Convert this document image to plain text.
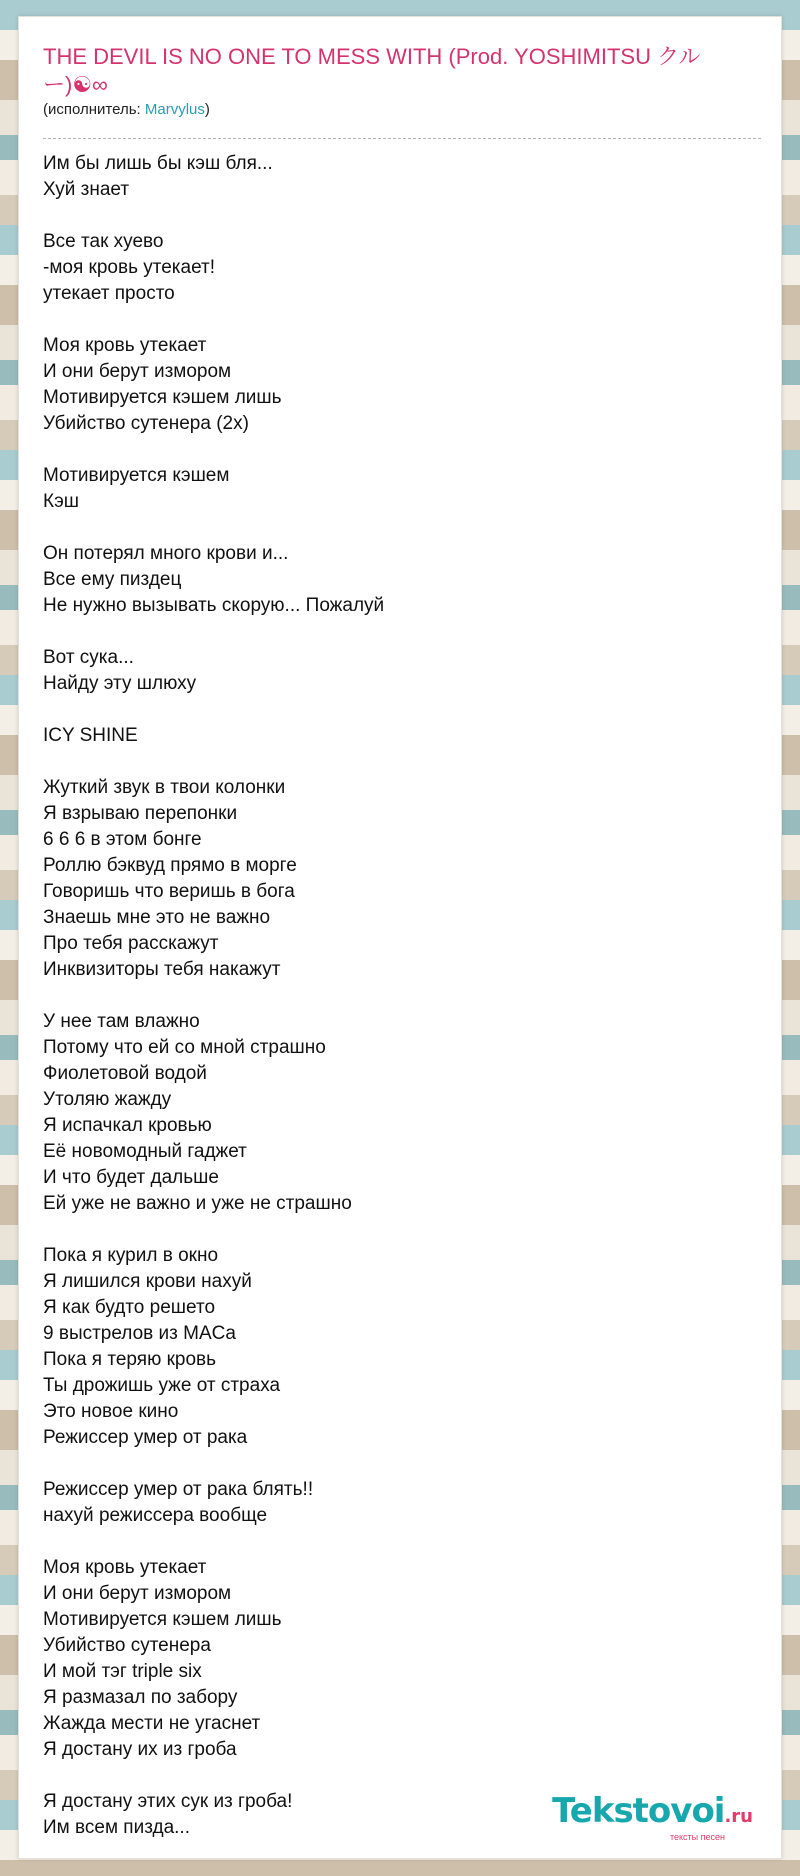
THE DEVIL IS NO ONE TO MESS WITH (Prod. YOSHIMITSU クルー)☯∞
(исполнитель: Marvylus)
Им бы лишь бы кэш бля...
Хуй знает
Все так хуево
-моя кровь утекает!
утекает просто
Моя кровь утекает
И они берут измором
Мотивируется кэшем лишь
Убийство сутенера (2x)
Мотивируется кэшем
Кэш
Он потерял много крови и...
Все ему пиздец
Не нужно вызывать скорую... Пожалуй
Вот сука...
Найду эту шлюху
ICY SHINE
Жуткий звук в твои колонки
Я взрываю перепонки
6 6 6 в этом бонге
Роллю бэквуд прямо в морге
Говоришь что веришь в бога
Знаешь мне это не важно
Про тебя расскажут
Инквизиторы тебя накажут
У нее там влажно
Потому что ей со мной страшно
Фиолетовой водой
Утоляю жажду
Я испачкал кровью
Её новомодный гаджет
И что будет дальше
Ей уже не важно и уже не страшно
Пока я курил в окно
Я лишился крови нахуй
Я как будто решето
9 выстрелов из MACа
Пока я теряю кровь
Ты дрожишь уже от страха
Это новое кино
Режиссер умер от рака
Режиссер умер от рака блять!!
нахуй режиссера вообще
Моя кровь утекает
И они берут измором
Мотивируется кэшем лишь
Убийство сутенера
И мой тэг triple six
Я размазал по забору
Жажда мести не угаснет
Я достану их из гроба
Я достану этих сук из гроба!
Им всем пизда...	Tekstovoi.ru
тексты песен
